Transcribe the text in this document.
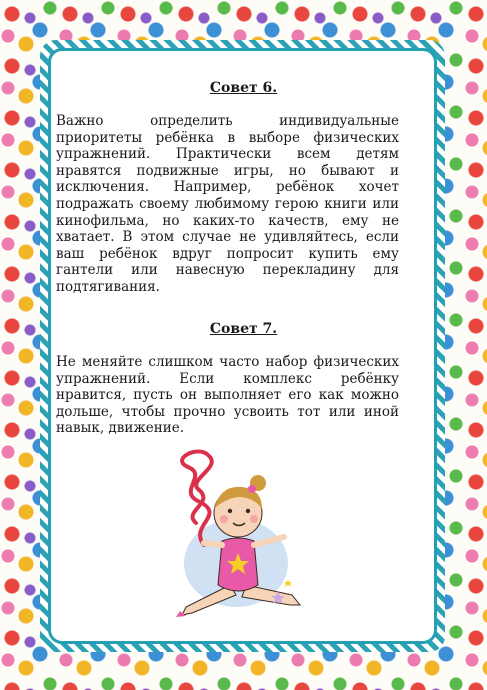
Совет 6.
Важно определить индивидуальные приоритеты ребёнка в выборе физических упражнений. Практически всем детям нравятся подвижные игры, но бывают и исключения. Например, ребёнок хочет подражать своему любимому герою книги или кинофильма, но каких-то качеств, ему не хватает. В этом случае не удивляйтесь, если ваш ребёнок вдруг попросит купить ему гантели или навесную перекладину для подтягивания.
Совет 7.
Не меняйте слишком часто набор физических упражнений. Если комплекс ребёнку нравится, пусть он выполняет его как можно дольше, чтобы прочно усвоить тот или иной навык, движение.
